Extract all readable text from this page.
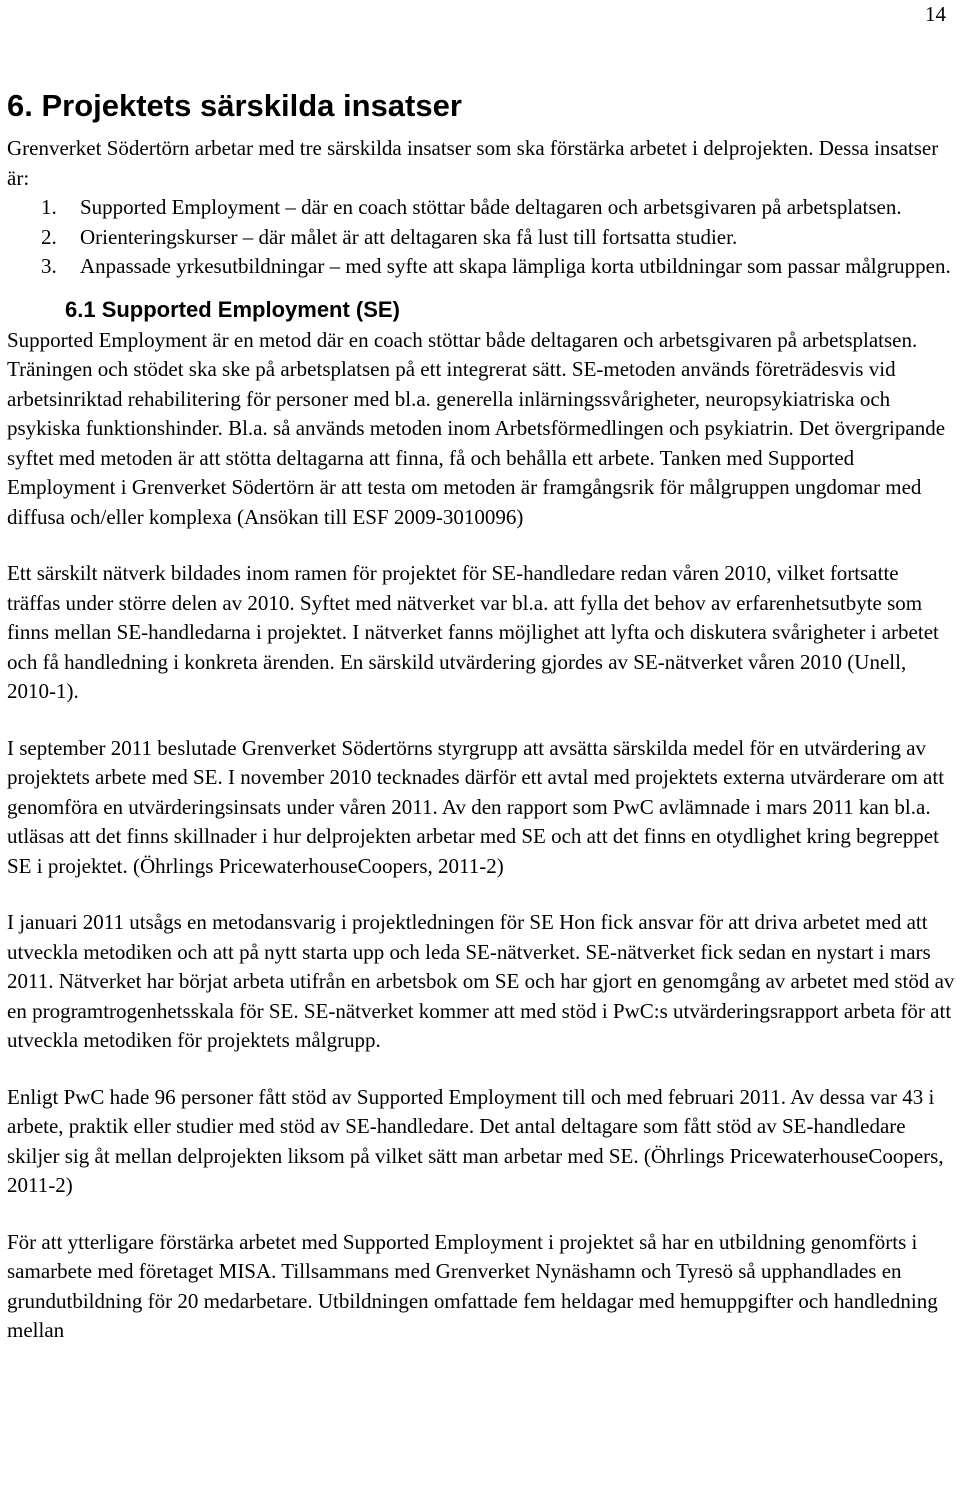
14
6. Projektets särskilda insatser

Grenverket Södertörn arbetar med tre särskilda insatser som ska förstärka arbetet i delprojekten. Dessa insatser är:

1. Supported Employment – där en coach stöttar både deltagaren och arbetsgivaren på arbetsplatsen.
2. Orienteringskurser – där målet är att deltagaren ska få lust till fortsatta studier.
3. Anpassade yrkesutbildningar – med syfte att skapa lämpliga korta utbildningar som passar målgruppen.
6.1 Supported Employment (SE)

Supported Employment är en metod där en coach stöttar både deltagaren och arbetsgivaren på arbetsplatsen. Träningen och stödet ska ske på arbetsplatsen på ett integrerat sätt. SE-metoden används företrädesvis vid arbetsinriktad rehabilitering för personer med bl.a. generella inlärningssvårigheter, neuropsykiatriska och psykiska funktionshinder. Bl.a. så används metoden inom Arbetsförmedlingen och psykiatrin. Det övergripande syftet med metoden är att stötta deltagarna att finna, få och behålla ett arbete. Tanken med Supported Employment i Grenverket Södertörn är att testa om metoden är framgångsrik för målgruppen ungdomar med diffusa och/eller komplexa (Ansökan till ESF 2009-3010096)

Ett särskilt nätverk bildades inom ramen för projektet för SE-handledare redan våren 2010, vilket fortsatte träffas under större delen av 2010. Syftet med nätverket var bl.a. att fylla det behov av erfarenhetsutbyte som finns mellan SE-handledarna i projektet. I nätverket fanns möjlighet att lyfta och diskutera svårigheter i arbetet och få handledning i konkreta ärenden. En särskild utvärdering gjordes av SE-nätverket våren 2010 (Unell, 2010-1).

I september 2011 beslutade Grenverket Södertörns styrgrupp att avsätta särskilda medel för en utvärdering av projektets arbete med SE. I november 2010 tecknades därför ett avtal med projektets externa utvärderare om att genomföra en utvärderingsinsats under våren 2011. Av den rapport som PwC avlämnade i mars 2011 kan bl.a. utläsas att det finns skillnader i hur delprojekten arbetar med SE och att det finns en otydlighet kring begreppet SE i projektet. (Öhrlings PricewaterhouseCoopers, 2011-2)

I januari 2011 utsågs en metodansvarig i projektledningen för SE Hon fick ansvar för att driva arbetet med att utveckla metodiken och att på nytt starta upp och leda SE-nätverket. SE-nätverket fick sedan en nystart i mars 2011. Nätverket har börjat arbeta utifrån en arbetsbok om SE och har gjort en genomgång av arbetet med stöd av en programtrogenhetsskala för SE. SE-nätverket kommer att med stöd i PwC:s utvärderingsrapport arbeta för att utveckla metodiken för projektets målgrupp.

Enligt PwC hade 96 personer fått stöd av Supported Employment till och med februari 2011. Av dessa var 43 i arbete, praktik eller studier med stöd av SE-handledare. Det antal deltagare som fått stöd av SE-handledare skiljer sig åt mellan delprojekten liksom på vilket sätt man arbetar med SE. (Öhrlings PricewaterhouseCoopers, 2011-2)

För att ytterligare förstärka arbetet med Supported Employment i projektet så har en utbildning genomförts i samarbete med företaget MISA. Tillsammans med Grenverket Nynäshamn och Tyresö så upphandlades en grundutbildning för 20 medarbetare. Utbildningen omfattade fem heldagar med hemuppgifter och handledning mellan
